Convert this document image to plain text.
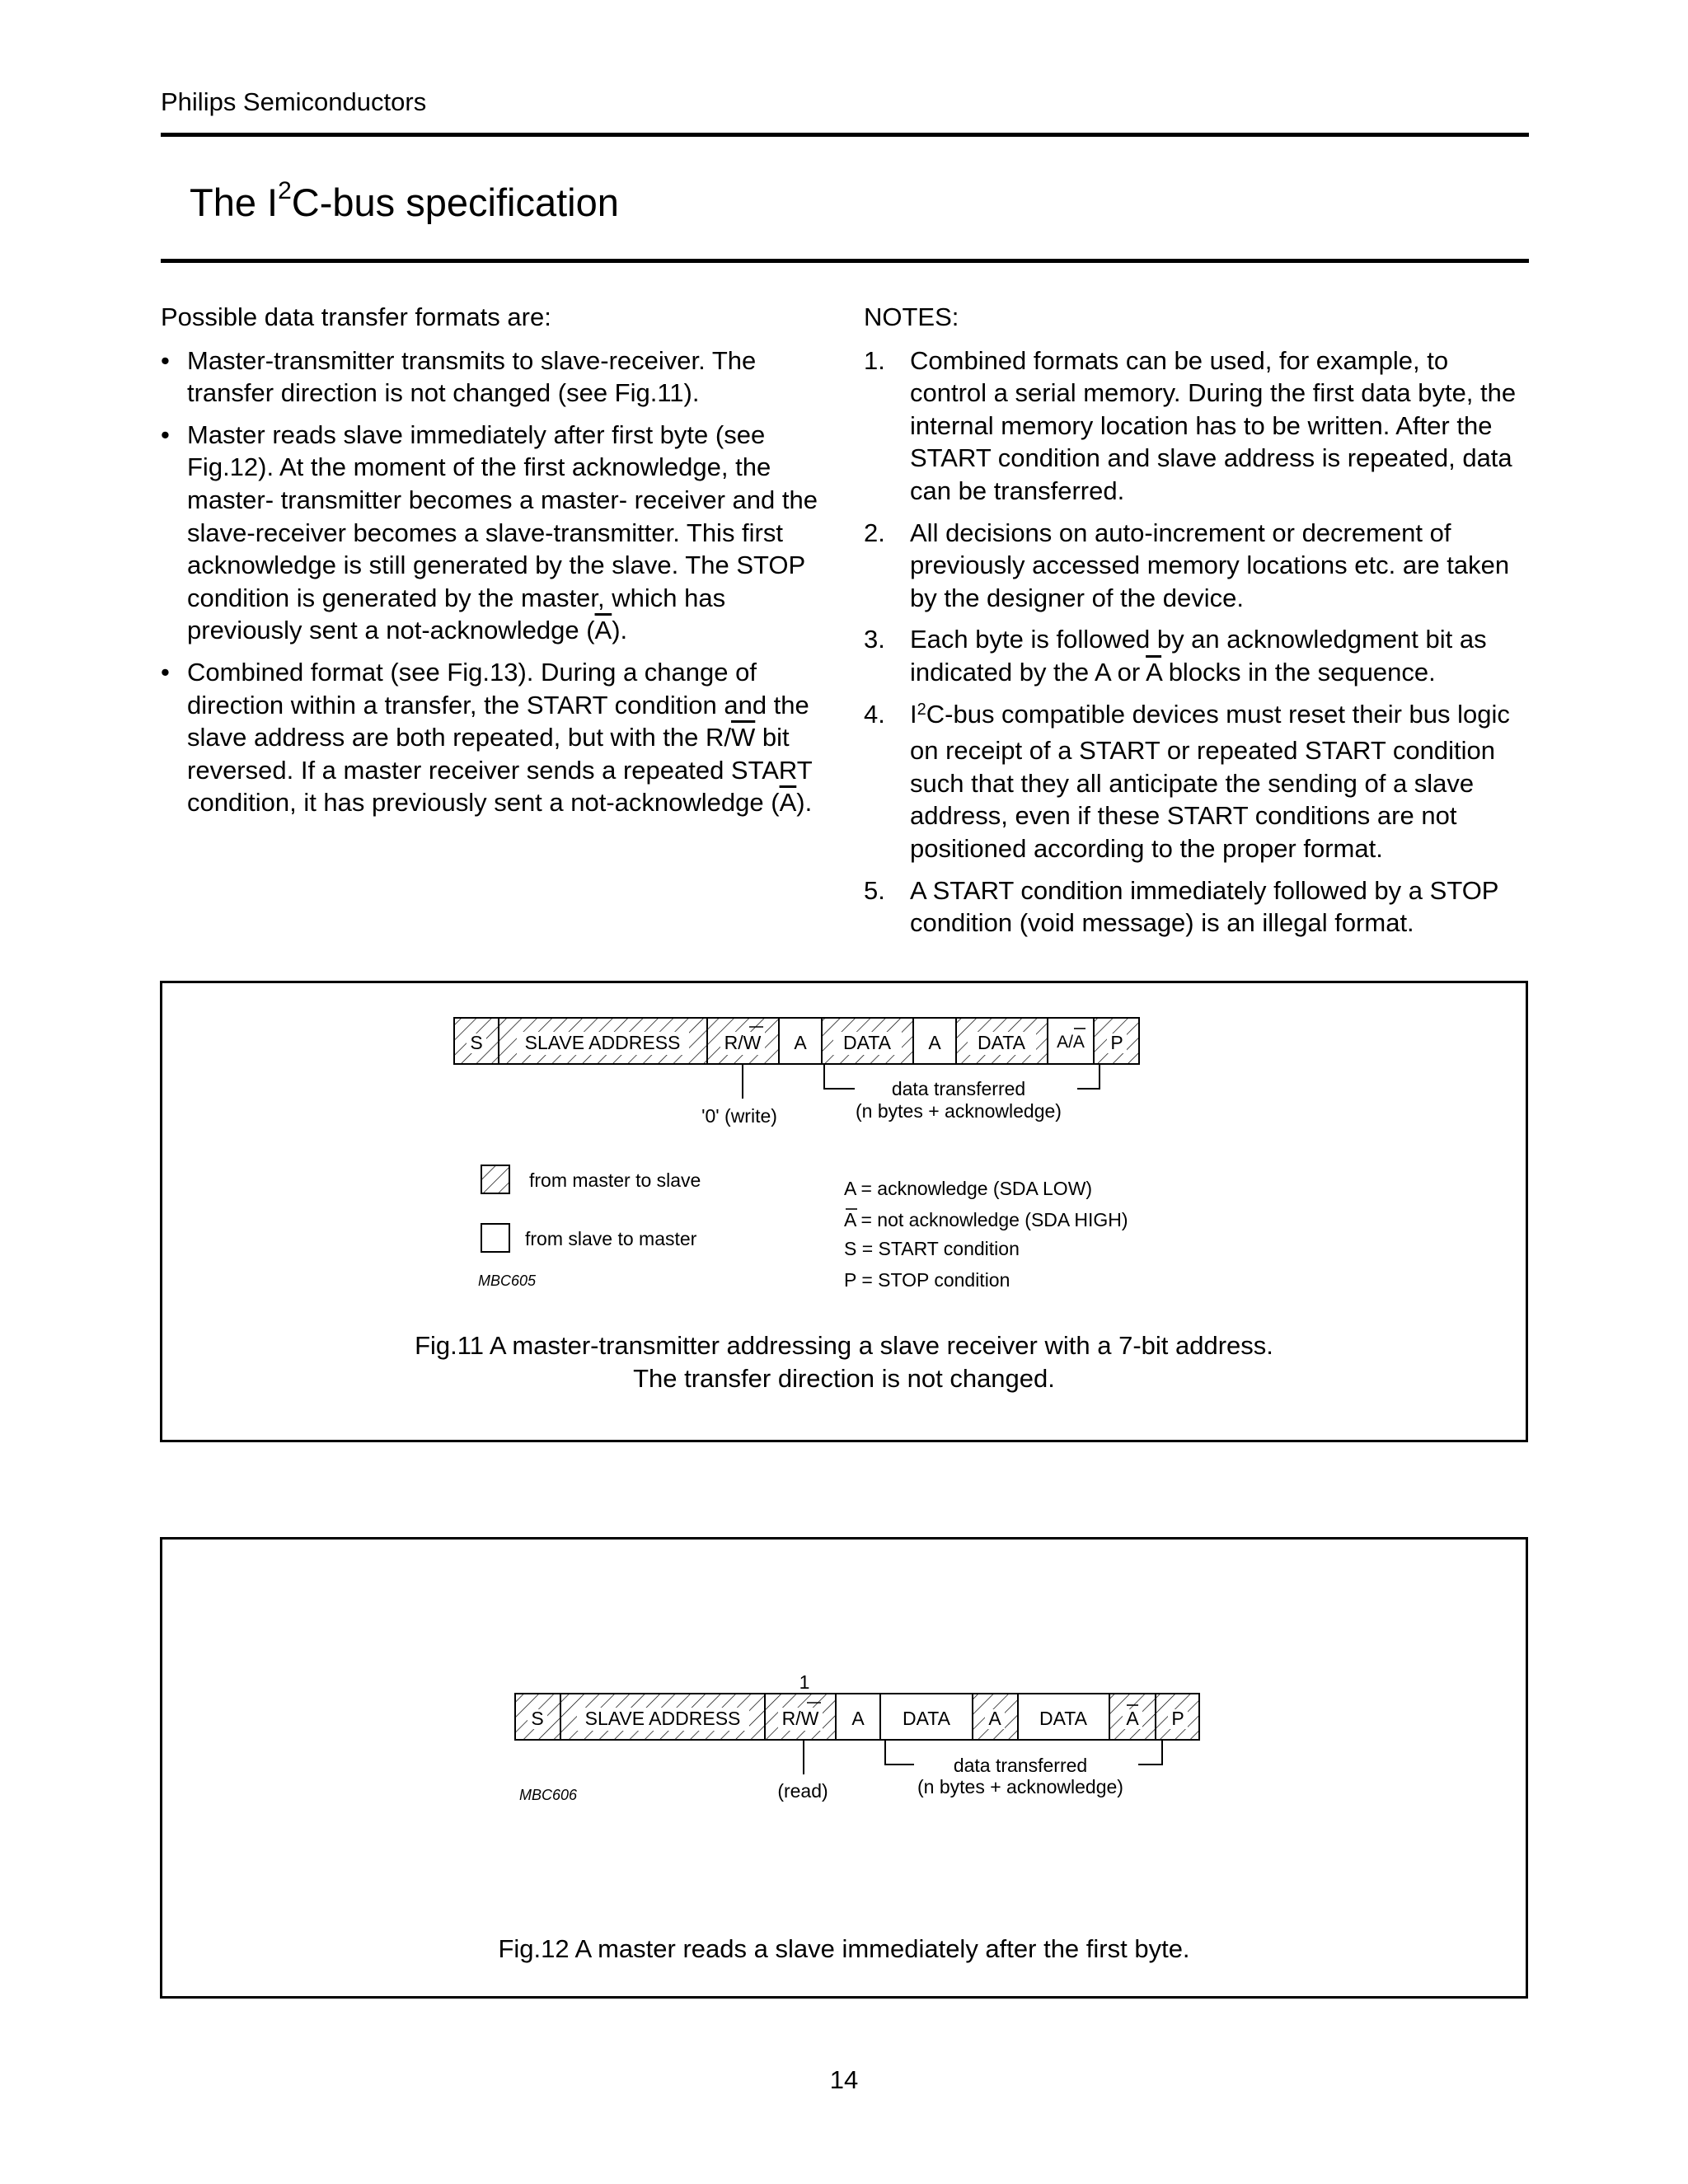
Philips Semiconductors
The $I^2C$-bus specification

Possible data transfer formats are:

• Master-transmitter transmits to slave-receiver. The transfer direction is not changed (see Fig.11).
• Master reads slave immediately after first byte (see Fig.12). At the moment of the first acknowledge, the master- transmitter becomes a master- receiver and the slave-receiver becomes a slave-transmitter. This first acknowledge is still generated by the slave. The STOP condition is generated by the master, which has previously sent a not-acknowledge $(\overline{A})$.
• Combined format (see Fig.13). During a change of direction within a transfer, the START condition and the slave address are both repeated, but with the $R/\overline{W}$ bit reversed. If a master receiver sends a repeated START condition, it has previously sent a not-acknowledge $(\overline{A})$.

NOTES:

1. Combined formats can be used, for example, to control a serial memory. During the first data byte, the internal memory location has to be written. After the START condition and slave address is repeated, data can be transferred.
2. All decisions on auto-increment or decrement of previously accessed memory locations etc. are taken by the designer of the device.
3. Each byte is followed by an acknowledgment bit as indicated by the A or $\overline{A}$ blocks in the sequence.
4. $I^2C$-bus compatible devices must reset their bus logic on receipt of a START or repeated START condition such that they all anticipate the sending of a slave address, even if these START conditions are not positioned according to the proper format.
5. A START condition immediately followed by a STOP condition (void message) is an illegal format.
S SLAVE ADDRESS R/W A DATA A DATA A/A P
'0' (write)
data transferred
(n bytes + acknowledge)
from master to slave
from slave to master
MBC605
A = acknowledge (SDA LOW)
A = not acknowledge (SDA HIGH)
S = START condition
P = STOP condition
Fig.11 A master-transmitter addressing a slave receiver with a 7-bit address.
The transfer direction is not changed.
1
S SLAVE ADDRESS R/W A DATA A DATA A P
(read)
data transferred
(n bytes + acknowledge)
MBC606
Fig.12 A master reads a slave immediately after the first byte.
14
